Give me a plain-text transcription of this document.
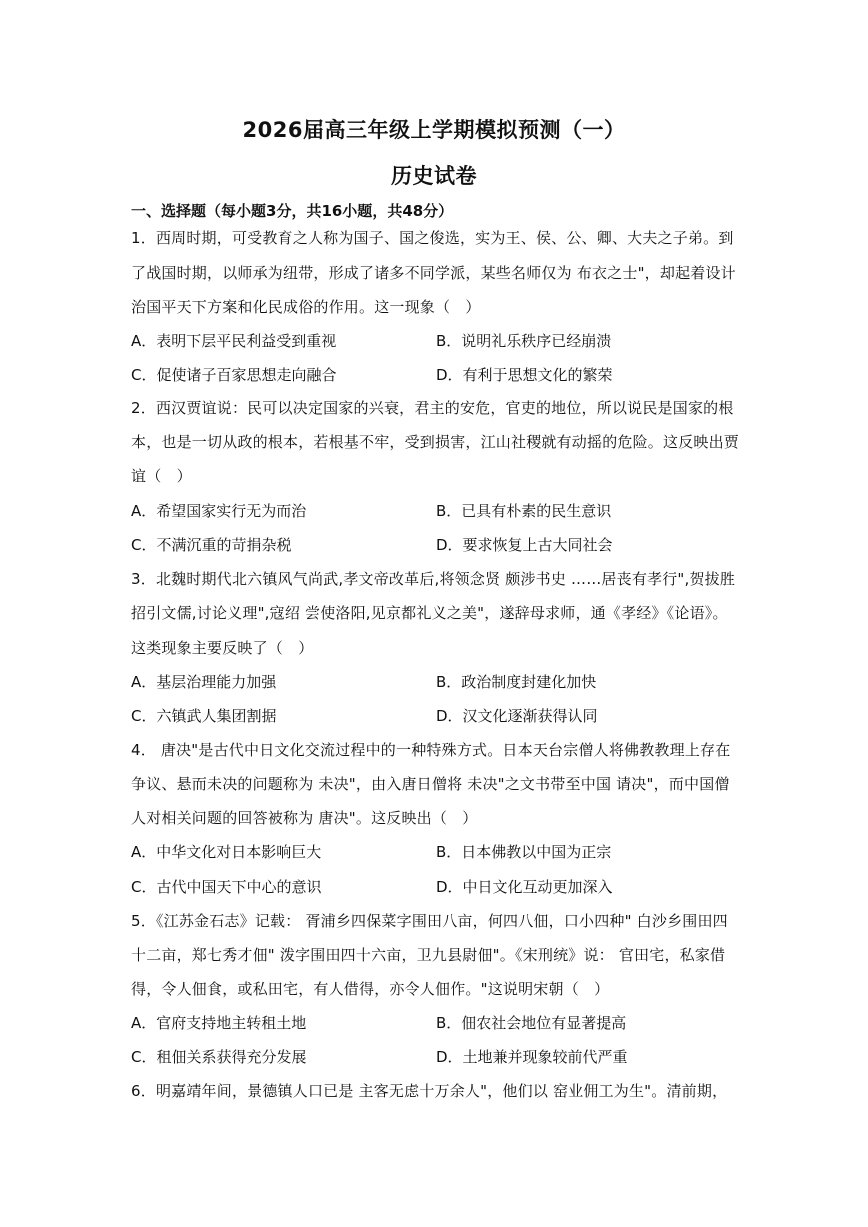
2026届高三年级上学期模拟预测（一）
历史试卷
一、选择题（每小题3分，共16小题，共48分）
1．西周时期，可受教育之人称为国子、国之俊选，实为王、侯、公、卿、大夫之子弟。到
了战国时期，以师承为纽带，形成了诸多不同学派，某些名师仅为 布衣之士"，却起着设计
治国平天下方案和化民成俗的作用。这一现象（　）
A．表明下层平民利益受到重视	B．说明礼乐秩序已经崩溃
C．促使诸子百家思想走向融合	D．有利于思想文化的繁荣
2．西汉贾谊说：民可以决定国家的兴衰，君主的安危，官吏的地位，所以说民是国家的根
本，也是一切从政的根本，若根基不牢，受到损害，江山社稷就有动摇的危险。这反映出贾
谊（　）
A．希望国家实行无为而治	B．已具有朴素的民生意识
C．不满沉重的苛捐杂税	D．要求恢复上古大同社会
3．北魏时期代北六镇风气尚武,孝文帝改革后,将领念贤 颇涉书史 ……居丧有孝行",贺拔胜
招引文儒,讨论义理",寇绍 尝使洛阳,见京都礼义之美"，遂辞母求师，通《孝经》《论语》。
这类现象主要反映了（　）
A．基层治理能力加强	B．政治制度封建化加快
C．六镇武人集团割据	D．汉文化逐渐获得认同
4． 唐决"是古代中日文化交流过程中的一种特殊方式。日本天台宗僧人将佛教教理上存在
争议、悬而未决的问题称为 未决"，由入唐日僧将 未决"之文书带至中国 请决"，而中国僧
人对相关问题的回答被称为 唐决"。这反映出（　）
A．中华文化对日本影响巨大	B．日本佛教以中国为正宗
C．古代中国天下中心的意识	D．中日文化互动更加深入
5．《江苏金石志》记载： 胥浦乡四保菜字围田八亩，何四八佃，口小四种" 白沙乡围田四
十二亩，郑七秀才佃" 泼字围田四十六亩，卫九县尉佃"。《宋刑统》说： 官田宅，私家借
得，令人佃食，或私田宅，有人借得，亦令人佃作。"这说明宋朝（　）
A．官府支持地主转租土地	B．佃农社会地位有显著提高
C．租佃关系获得充分发展	D．土地兼并现象较前代严重
6．明嘉靖年间，景德镇人口已是 主客无虑十万余人"，他们以 窑业佣工为生"。清前期，
